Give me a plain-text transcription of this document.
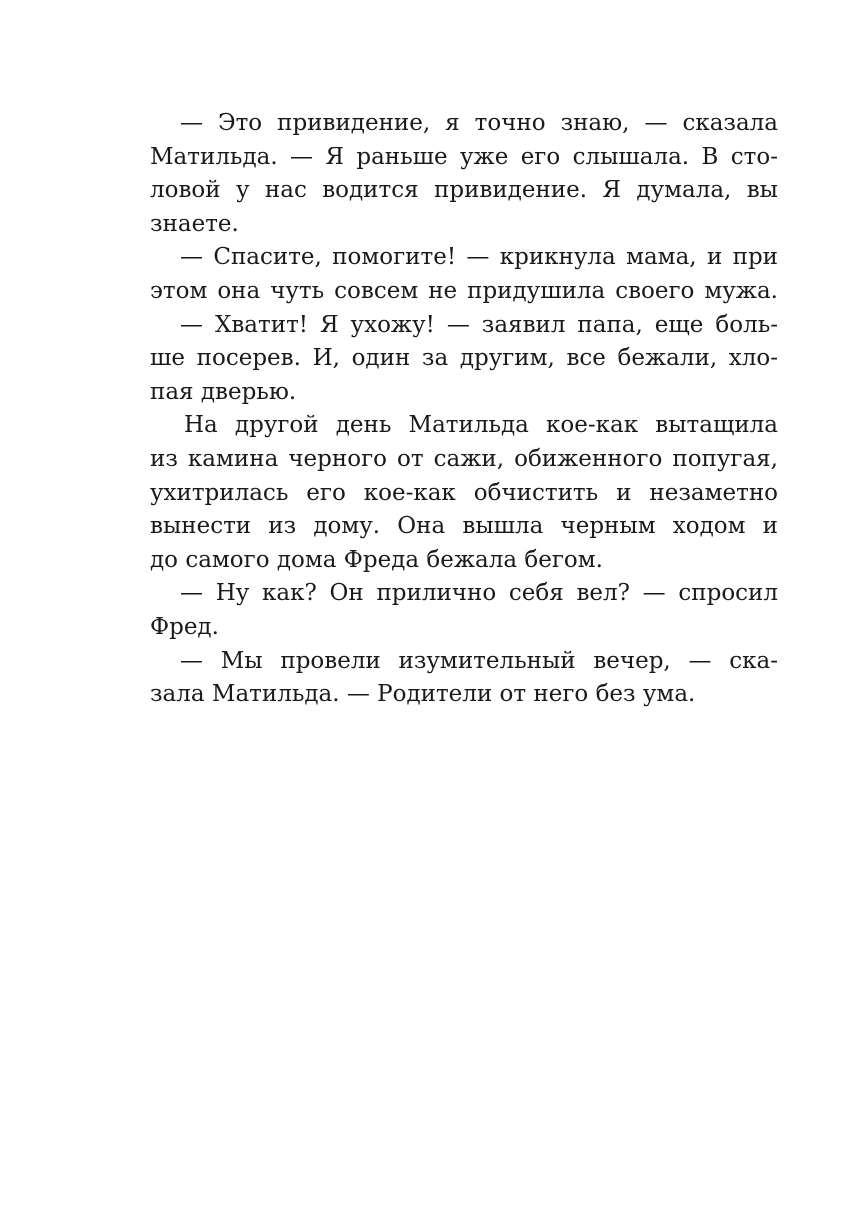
— Это привидение, я точно знаю, — сказала
Матильда. — Я раньше уже его слышала. В сто-
ловой у нас водится привидение. Я думала, вы
знаете.
— Спасите, помогите! — крикнула мама, и при
этом она чуть совсем не придушила своего мужа.
— Хватит! Я ухожу! — заявил папа, еще боль-
ше посерев. И, один за другим, все бежали, хло-
пая дверью.
На другой день Матильда кое-как вытащила
из камина черного от сажи, обиженного попугая,
ухитрилась его кое-как обчистить и незаметно
вынести из дому. Она вышла черным ходом и
до самого дома Фреда бежала бегом.
— Ну как? Он прилично себя вел? — спросил
Фред.
— Мы провели изумительный вечер, — ска-
зала Матильда. — Родители от него без ума.
